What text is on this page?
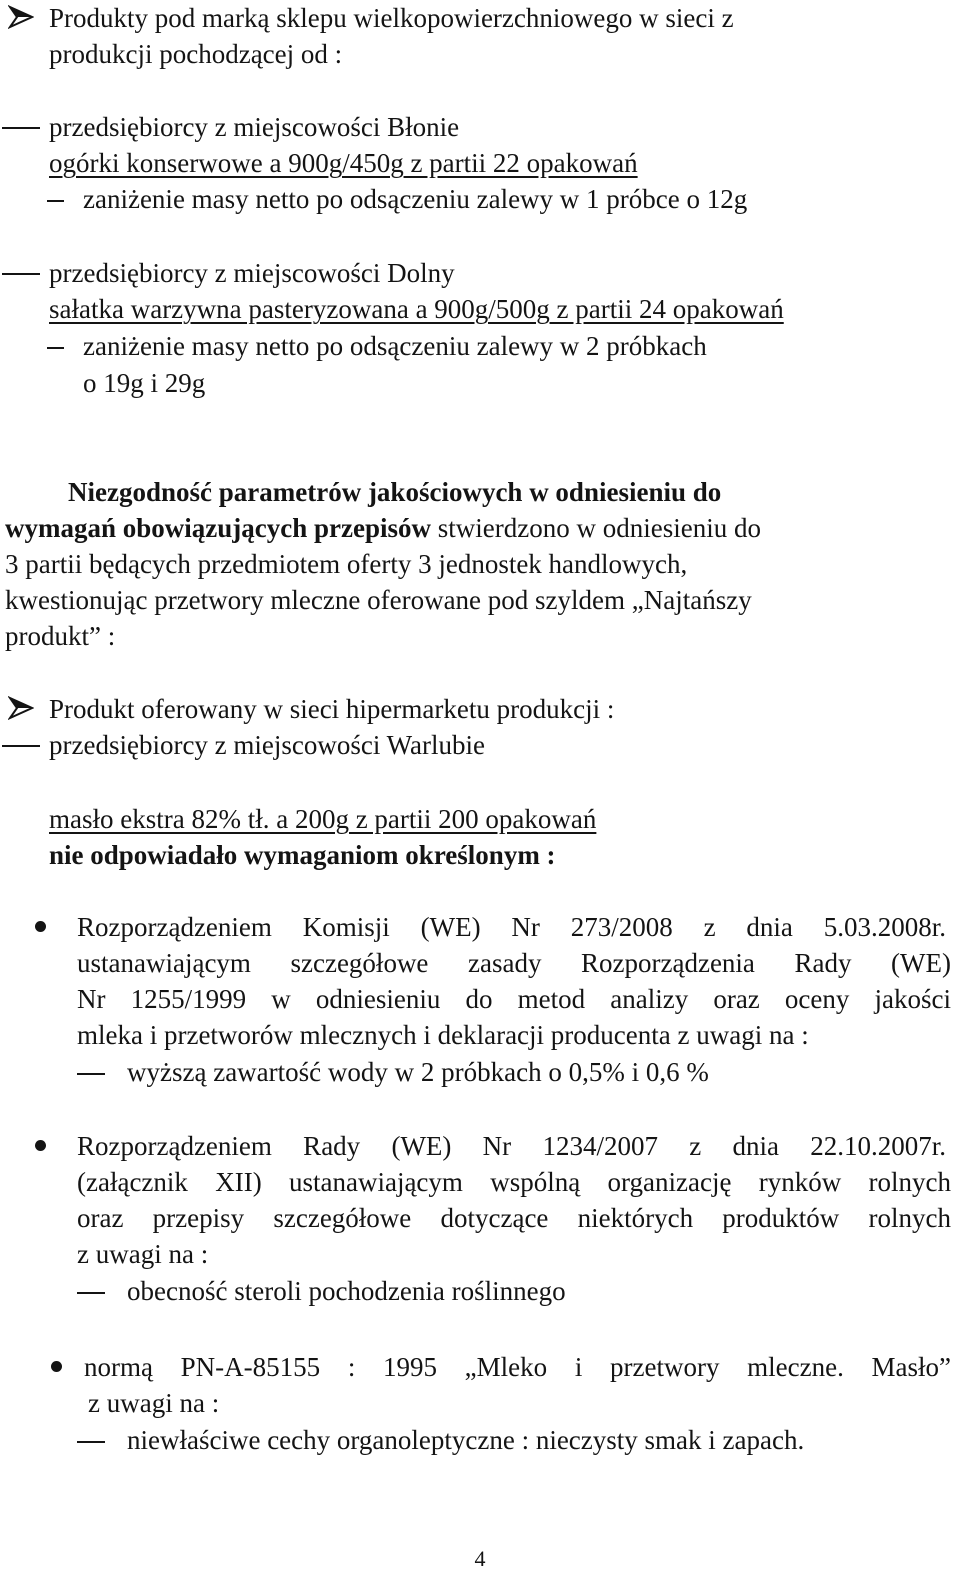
Produkty pod marką sklepu wielkopowierzchniowego w sieci z
produkcji pochodzącej od :
przedsiębiorcy z miejscowości Błonie
ogórki konserwowe a 900g/450g z partii 22 opakowań
zaniżenie masy netto po odsączeniu zalewy w 1 próbce o 12g
przedsiębiorcy z miejscowości Dolny
sałatka warzywna pasteryzowana a 900g/500g z partii 24 opakowań
zaniżenie masy netto po odsączeniu zalewy w 2 próbkach
o 19g i 29g
Niezgodność parametrów jakościowych w odniesieniu do
wymagań obowiązujących przepisów stwierdzono w odniesieniu do
3 partii będących przedmiotem oferty 3 jednostek handlowych,
kwestionując przetwory mleczne oferowane pod szyldem „Najtańszy
produkt” :
Produkt oferowany w sieci hipermarketu produkcji :
przedsiębiorcy z miejscowości Warlubie
masło ekstra 82% tł. a 200g z partii 200 opakowań
nie odpowiadało wymaganiom określonym :
Rozporządzeniem Komisji (WE) Nr 273/2008 z dnia 5.03.2008r.
ustanawiającym szczegółowe zasady Rozporządzenia Rady (WE)
Nr 1255/1999 w odniesieniu do metod analizy oraz oceny jakości
mleka i przetworów mlecznych i deklaracji producenta z uwagi na :
wyższą zawartość wody w 2 próbkach o 0,5% i 0,6 %
Rozporządzeniem Rady (WE) Nr 1234/2007 z dnia 22.10.2007r.
(załącznik XII) ustanawiającym wspólną organizację rynków rolnych
oraz przepisy szczegółowe dotyczące niektórych produktów rolnych
z uwagi na :
obecność steroli pochodzenia roślinnego
normą PN-A-85155 : 1995 „Mleko i przetwory mleczne. Masło”
z uwagi na :
niewłaściwe cechy organoleptyczne : nieczysty smak i zapach.
4
